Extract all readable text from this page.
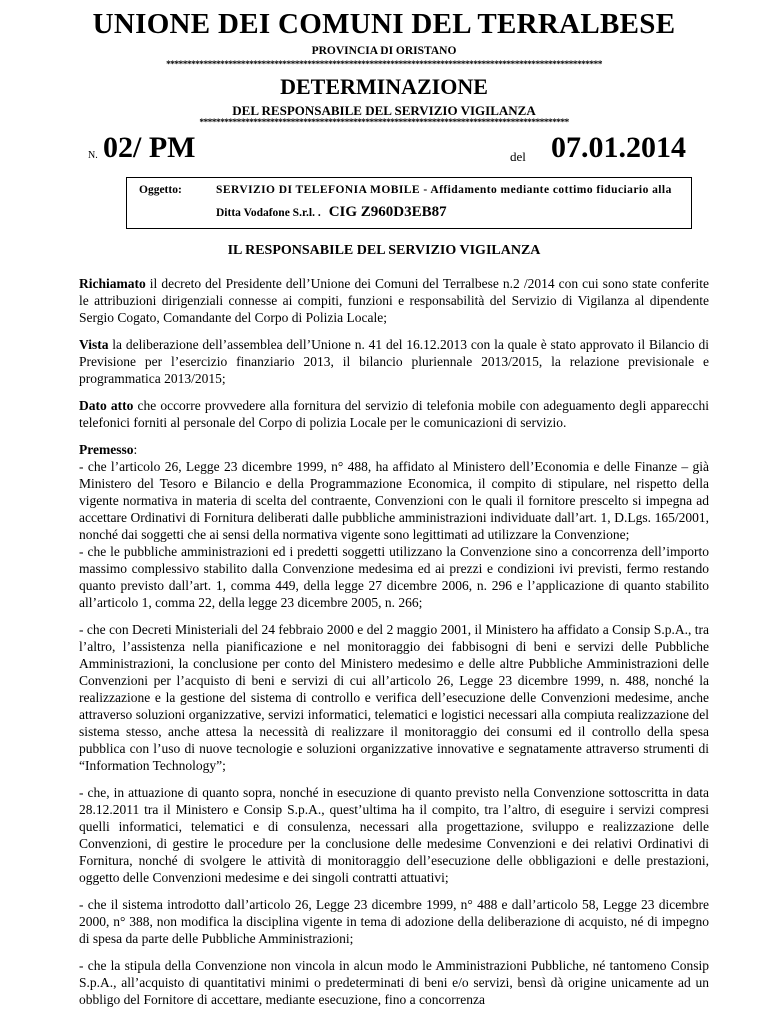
UNIONE DEI COMUNI DEL TERRALBESE
PROVINCIA DI ORISTANO
*********************************************************************************************************
DETERMINAZIONE
DEL RESPONSABILE DEL SERVIZIO VIGILANZA
*****************************************************************************************
N. 02/ PM	del 07.01.2014
Oggetto:	SERVIZIO DI TELEFONIA MOBILE - Affidamento mediante cottimo fiduciario alla
Ditta Vodafone S.r.l. . CIG Z960D3EB87
IL RESPONSABILE DEL SERVIZIO VIGILANZA

Richiamato il decreto del Presidente dell’Unione dei Comuni del Terralbese n.2 /2014 con cui sono state conferite le attribuzioni dirigenziali connesse ai compiti, funzioni e responsabilità del Servizio di Vigilanza al dipendente Sergio Cogato, Comandante del Corpo di Polizia Locale;

Vista la deliberazione dell’assemblea dell’Unione n. 41 del 16.12.2013 con la quale è stato approvato il Bilancio di Previsione per l’esercizio finanziario 2013, il bilancio pluriennale 2013/2015, la relazione previsionale e programmatica 2013/2015;

Dato atto che occorre provvedere alla fornitura del servizio di telefonia mobile con adeguamento degli apparecchi telefonici forniti al personale del Corpo di polizia Locale per le comunicazioni di servizio.

Premesso:
- che l’articolo 26, Legge 23 dicembre 1999, n° 488, ha affidato al Ministero dell’Economia e delle Finanze – già Ministero del Tesoro e Bilancio e della Programmazione Economica, il compito di stipulare, nel rispetto della vigente normativa in materia di scelta del contraente, Convenzioni con le quali il fornitore prescelto si impegna ad accettare Ordinativi di Fornitura deliberati dalle pubbliche amministrazioni individuate dall’art. 1, D.Lgs. 165/2001, nonché dai soggetti che ai sensi della normativa vigente sono legittimati ad utilizzare la Convenzione;

- che le pubbliche amministrazioni ed i predetti soggetti utilizzano la Convenzione sino a concorrenza dell’importo massimo complessivo stabilito dalla Convenzione medesima ed ai prezzi e condizioni ivi previsti, fermo restando quanto previsto dall’art. 1, comma 449, della legge 27 dicembre 2006, n. 296 e l’applicazione di quanto stabilito all’articolo 1, comma 22, della legge 23 dicembre 2005, n. 266;

- che con Decreti Ministeriali del 24 febbraio 2000 e del 2 maggio 2001, il Ministero ha affidato a Consip S.p.A., tra l’altro, l’assistenza nella pianificazione e nel monitoraggio dei fabbisogni di beni e servizi delle Pubbliche Amministrazioni, la conclusione per conto del Ministero medesimo e delle altre Pubbliche Amministrazioni delle Convenzioni per l’acquisto di beni e servizi di cui all’articolo 26, Legge 23 dicembre 1999, n. 488, nonché la realizzazione e la gestione del sistema di controllo e verifica dell’esecuzione delle Convenzioni medesime, anche attraverso soluzioni organizzative, servizi informatici, telematici e logistici necessari alla compiuta realizzazione del sistema stesso, anche attesa la necessità di realizzare il monitoraggio dei consumi ed il controllo della spesa pubblica con l’uso di nuove tecnologie e soluzioni organizzative innovative e segnatamente attraverso strumenti di “Information Technology”;

- che, in attuazione di quanto sopra, nonché in esecuzione di quanto previsto nella Convenzione sottoscritta in data 28.12.2011 tra il Ministero e Consip S.p.A., quest’ultima ha il compito, tra l’altro, di eseguire i servizi compresi quelli informatici, telematici e di consulenza, necessari alla progettazione, sviluppo e realizzazione delle Convenzioni, di gestire le procedure per la conclusione delle medesime Convenzioni e dei relativi Ordinativi di Fornitura, nonché di svolgere le attività di monitoraggio dell’esecuzione delle obbligazioni e delle prestazioni, oggetto delle Convenzioni medesime e dei singoli contratti attuativi;

- che il sistema introdotto dall’articolo 26, Legge 23 dicembre 1999, n° 488 e dall’articolo 58, Legge 23 dicembre 2000, n° 388, non modifica la disciplina vigente in tema di adozione della deliberazione di acquisto, né di impegno di spesa da parte delle Pubbliche Amministrazioni;

- che la stipula della Convenzione non vincola in alcun modo le Amministrazioni Pubbliche, né tantomeno Consip S.p.A., all’acquisto di quantitativi minimi o predeterminati di beni e/o servizi, bensì dà origine unicamente ad un obbligo del Fornitore di accettare, mediante esecuzione, fino a concorrenza
